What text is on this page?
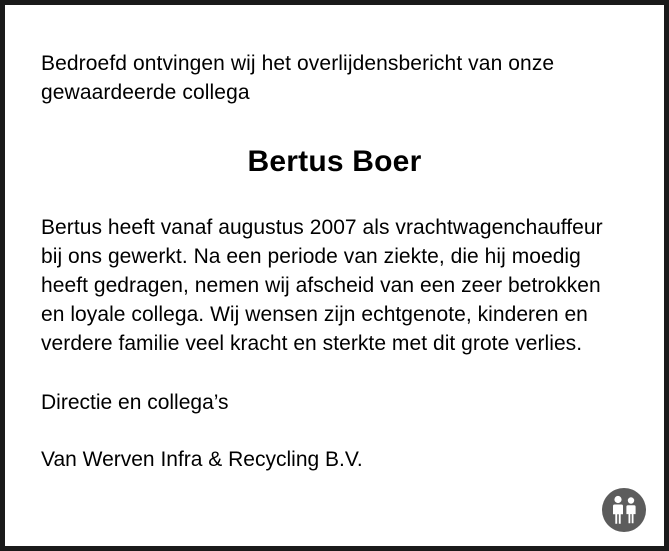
Bedroefd ontvingen wij het overlijdensbericht van onze gewaardeerde collega

Bertus Boer

Bertus heeft vanaf augustus 2007 als vrachtwagenchauffeur bij ons gewerkt. Na een periode van ziekte, die hij moedig heeft gedragen, nemen wij afscheid van een zeer betrokken en loyale collega. Wij wensen zijn echtgenote, kinderen en verdere familie veel kracht en sterkte met dit grote verlies.

Directie en collega’s

Van Werven Infra & Recycling B.V.
